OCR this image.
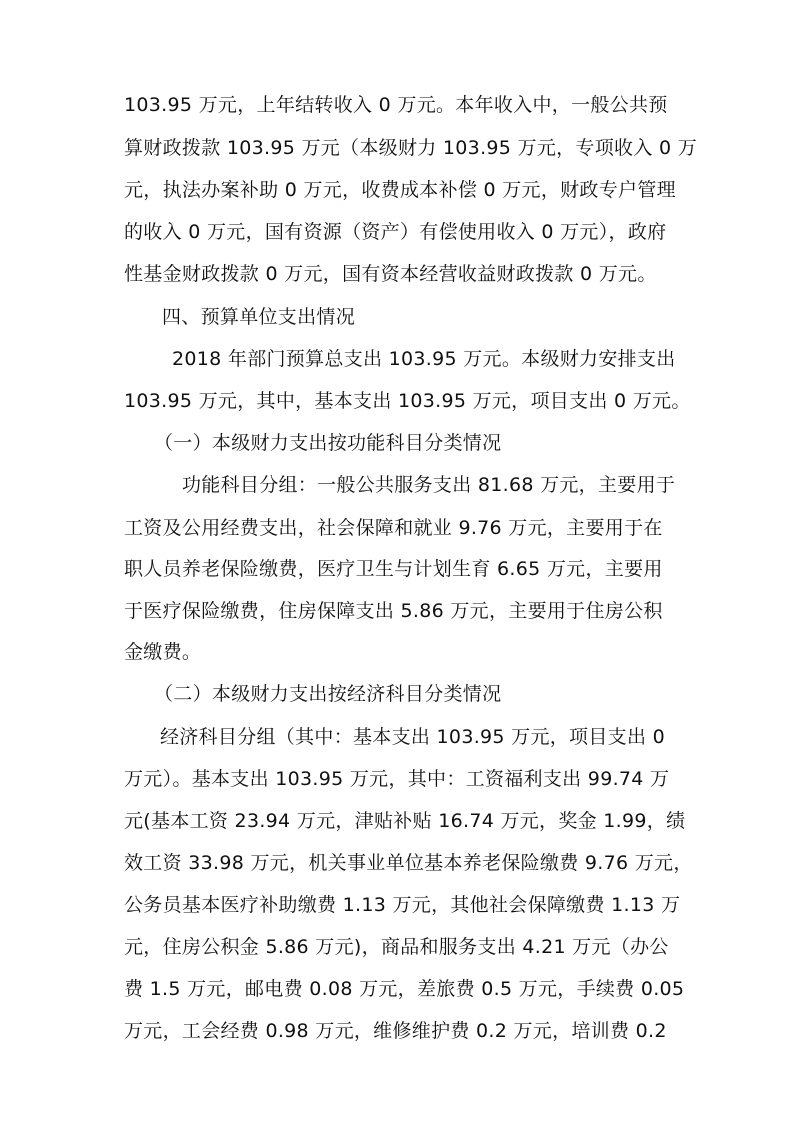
103.95 万元，上年结转收入 0 万元。本年收入中，一般公共预
算财政拨款 103.95 万元（本级财力 103.95 万元，专项收入 0 万
元，执法办案补助 0 万元，收费成本补偿 0 万元，财政专户管理
的收入 0 万元，国有资源（资产）有偿使用收入 0 万元），政府
性基金财政拨款 0 万元，国有资本经营收益财政拨款 0 万元。
四、预算单位支出情况
2018 年部门预算总支出 103.95 万元。本级财力安排支出
103.95 万元，其中，基本支出 103.95 万元，项目支出 0 万元。
（一）本级财力支出按功能科目分类情况
功能科目分组：一般公共服务支出 81.68 万元，主要用于
工资及公用经费支出，社会保障和就业 9.76 万元，主要用于在
职人员养老保险缴费，医疗卫生与计划生育 6.65 万元，主要用
于医疗保险缴费，住房保障支出 5.86 万元，主要用于住房公积
金缴费。
（二）本级财力支出按经济科目分类情况
经济科目分组（其中：基本支出 103.95 万元，项目支出 0
万元）。基本支出 103.95 万元，其中：工资福利支出 99.74 万
元(基本工资 23.94 万元，津贴补贴 16.74 万元，奖金 1.99，绩
效工资 33.98 万元，机关事业单位基本养老保险缴费 9.76 万元，
公务员基本医疗补助缴费 1.13 万元，其他社会保障缴费 1.13 万
元，住房公积金 5.86 万元)，商品和服务支出 4.21 万元（办公
费 1.5 万元，邮电费 0.08 万元，差旅费 0.5 万元，手续费 0.05
万元，工会经费 0.98 万元，维修维护费 0.2 万元，培训费 0.2
